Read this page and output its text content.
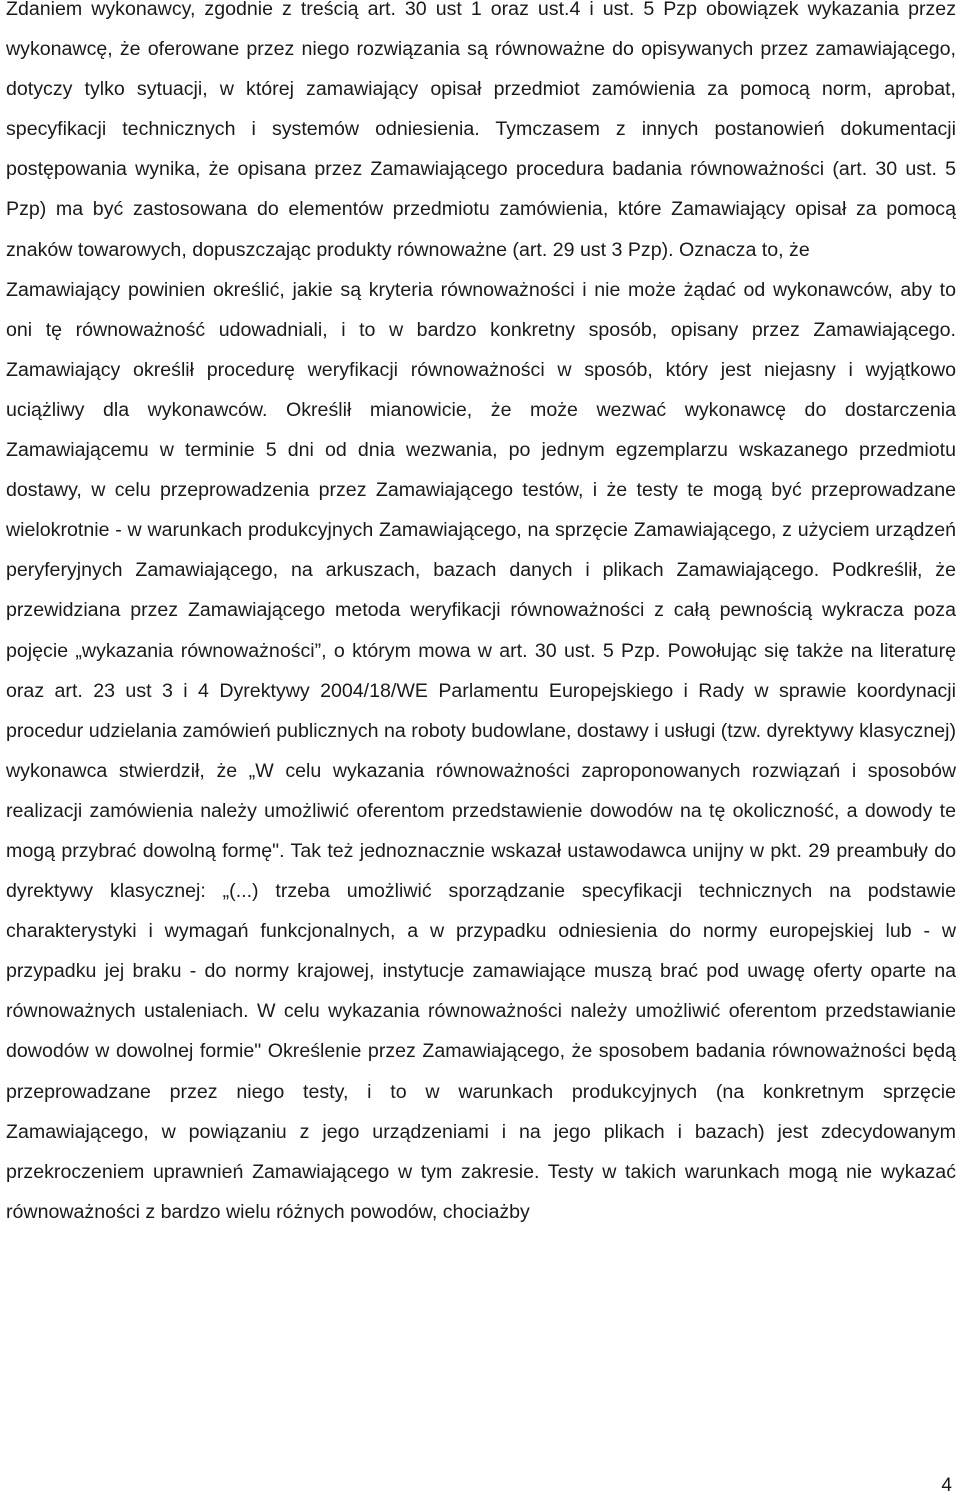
Zdaniem wykonawcy, zgodnie z treścią art. 30 ust 1 oraz ust.4 i ust. 5 Pzp obowiązek wykazania przez wykonawcę, że oferowane przez niego rozwiązania są równoważne do opisywanych przez zamawiającego, dotyczy tylko sytuacji, w której zamawiający opisał przedmiot zamówienia za pomocą norm, aprobat, specyfikacji technicznych i systemów odniesienia. Tymczasem z innych postanowień dokumentacji postępowania wynika, że opisana przez Zamawiającego procedura badania równoważności (art. 30 ust. 5 Pzp) ma być zastosowana do elementów przedmiotu zamówienia, które Zamawiający opisał za pomocą znaków towarowych, dopuszczając produkty równoważne (art. 29 ust 3 Pzp). Oznacza to, że

Zamawiający powinien określić, jakie są kryteria równoważności i nie może żądać od wykonawców, aby to oni tę równoważność udowadniali, i to w bardzo konkretny sposób, opisany przez Zamawiającego. Zamawiający określił procedurę weryfikacji równoważności w sposób, który jest niejasny i wyjątkowo uciążliwy dla wykonawców. Określił mianowicie, że może wezwać wykonawcę do dostarczenia Zamawiającemu w terminie 5 dni od dnia wezwania, po jednym egzemplarzu wskazanego przedmiotu dostawy, w celu przeprowadzenia przez Zamawiającego testów, i że testy te mogą być przeprowadzane wielokrotnie - w warunkach produkcyjnych Zamawiającego, na sprzęcie Zamawiającego, z użyciem urządzeń peryferyjnych Zamawiającego, na arkuszach, bazach danych i plikach Zamawiającego. Podkreślił, że przewidziana przez Zamawiającego metoda weryfikacji równoważności z całą pewnością wykracza poza pojęcie „wykazania równoważności”, o którym mowa w art. 30 ust. 5 Pzp. Powołując się także na literaturę oraz art. 23 ust 3 i 4 Dyrektywy 2004/18/WE Parlamentu Europejskiego i Rady w sprawie koordynacji procedur udzielania zamówień publicznych na roboty budowlane, dostawy i usługi (tzw. dyrektywy klasycznej) wykonawca stwierdził, że „W celu wykazania równoważności zaproponowanych rozwiązań i sposobów realizacji zamówienia należy umożliwić oferentom przedstawienie dowodów na tę okoliczność, a dowody te mogą przybrać dowolną formę". Tak też jednoznacznie wskazał ustawodawca unijny w pkt. 29 preambuły do dyrektywy klasycznej: „(...) trzeba umożliwić sporządzanie specyfikacji technicznych na podstawie charakterystyki i wymagań funkcjonalnych, a w przypadku odniesienia do normy europejskiej lub - w przypadku jej braku - do normy krajowej, instytucje zamawiające muszą brać pod uwagę oferty oparte na równoważnych ustaleniach. W celu wykazania równoważności należy umożliwić oferentom przedstawianie dowodów w dowolnej formie" Określenie przez Zamawiającego, że sposobem badania równoważności będą przeprowadzane przez niego testy, i to w warunkach produkcyjnych (na konkretnym sprzęcie Zamawiającego, w powiązaniu z jego urządzeniami i na jego plikach i bazach) jest zdecydowanym przekroczeniem uprawnień Zamawiającego w tym zakresie. Testy w takich warunkach mogą nie wykazać równoważności z bardzo wielu różnych powodów, chociażby

4
